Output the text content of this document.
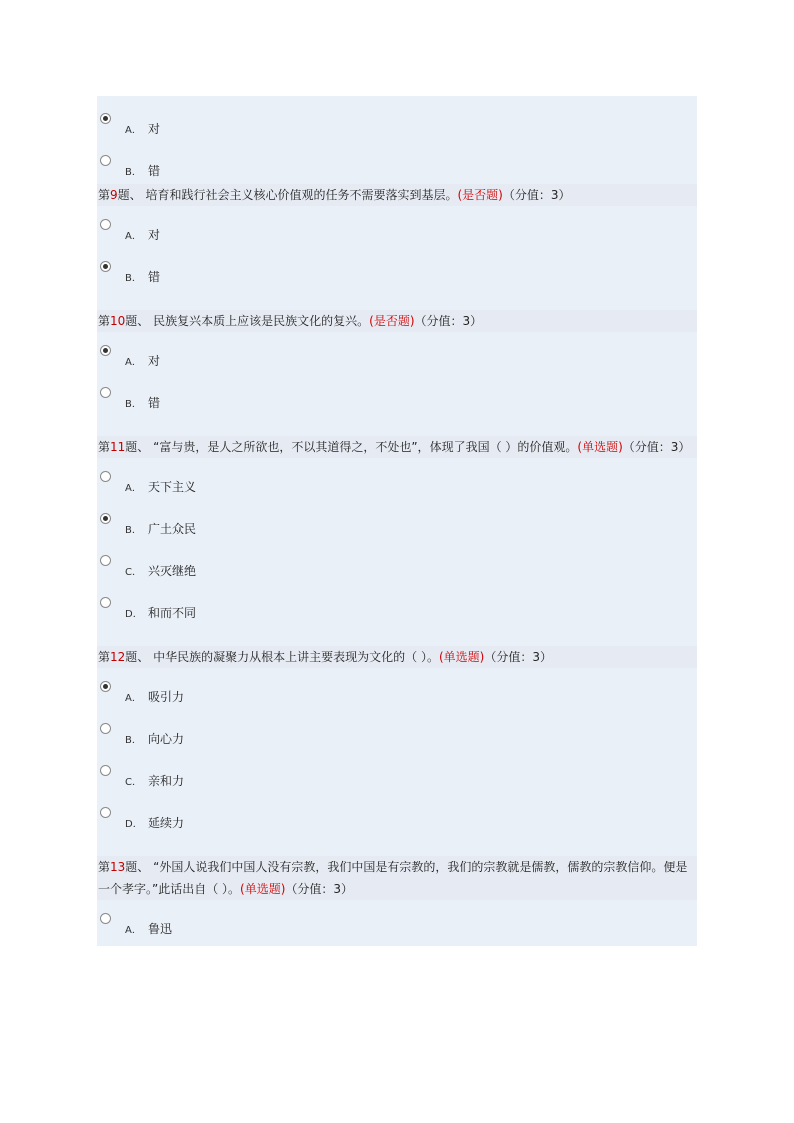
A． 对
B． 错
第9题、 培育和践行社会主义核心价值观的任务不需要落实到基层。(是否题)（分值：3）
A． 对
B． 错
第10题、 民族复兴本质上应该是民族文化的复兴。(是否题)（分值：3）
A． 对
B． 错
第11题、 “富与贵，是人之所欲也，不以其道得之，不处也”，体现了我国（ ）的价值观。(单选题)（分值：3）
A． 天下主义
B． 广土众民
C． 兴灭继绝
D． 和而不同
第12题、 中华民族的凝聚力从根本上讲主要表现为文化的（ ）。(单选题)（分值：3）
A． 吸引力
B． 向心力
C． 亲和力
D． 延续力
第13题、 “外国人说我们中国人没有宗教，我们中国是有宗教的，我们的宗教就是儒教，儒教的宗教信仰。便是一个孝字。”此话出自（ ）。(单选题)（分值：3）
A． 鲁迅
